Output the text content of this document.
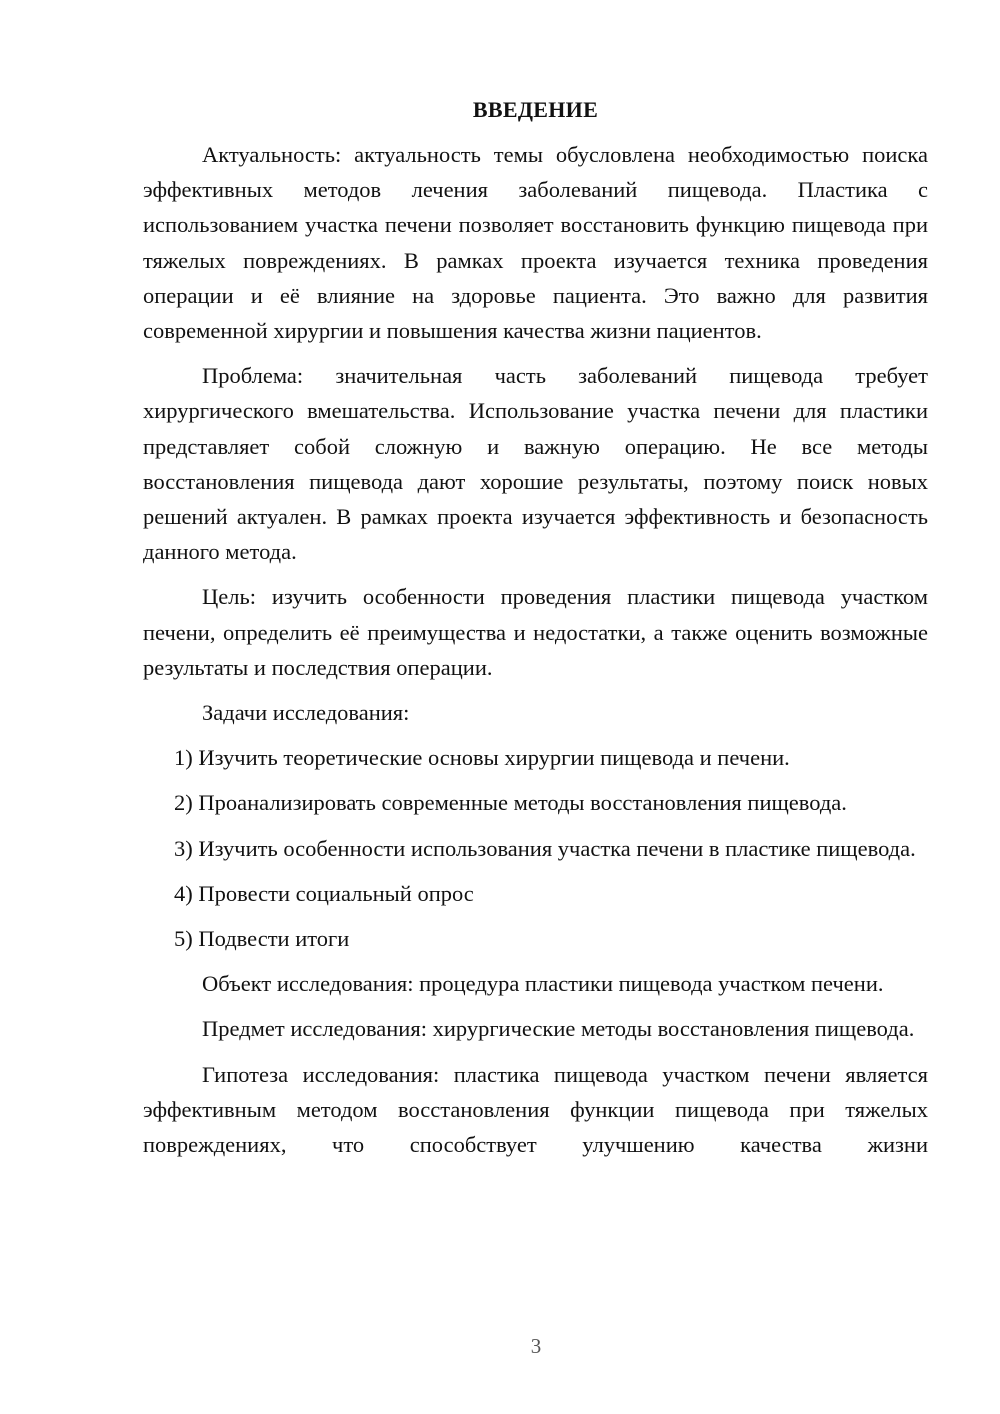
ВВЕДЕНИЕ

Актуальность: актуальность темы обусловлена необходимостью поиска эффективных методов лечения заболеваний пищевода. Пластика с использованием участка печени позволяет восстановить функцию пищевода при тяжелых повреждениях. В рамках проекта изучается техника проведения операции и её влияние на здоровье пациента. Это важно для развития современной хирургии и повышения качества жизни пациентов.

Проблема: значительная часть заболеваний пищевода требует хирургического вмешательства. Использование участка печени для пластики представляет собой сложную и важную операцию. Не все методы восстановления пищевода дают хорошие результаты, поэтому поиск новых решений актуален. В рамках проекта изучается эффективность и безопасность данного метода.

Цель: изучить особенности проведения пластики пищевода участком печени, определить её преимущества и недостатки, а также оценить возможные результаты и последствия операции.

Задачи исследования:

1) Изучить теоретические основы хирургии пищевода и печени.

2) Проанализировать современные методы восстановления пищевода.

3) Изучить особенности использования участка печени в пластике пищевода.

4) Провести социальный опрос

5) Подвести итоги

Объект исследования: процедура пластики пищевода участком печени.

Предмет исследования: хирургические методы восстановления пищевода.

Гипотеза исследования: пластика пищевода участком печени является эффективным методом восстановления функции пищевода при тяжелых повреждениях, что способствует улучшению качества жизни

3
